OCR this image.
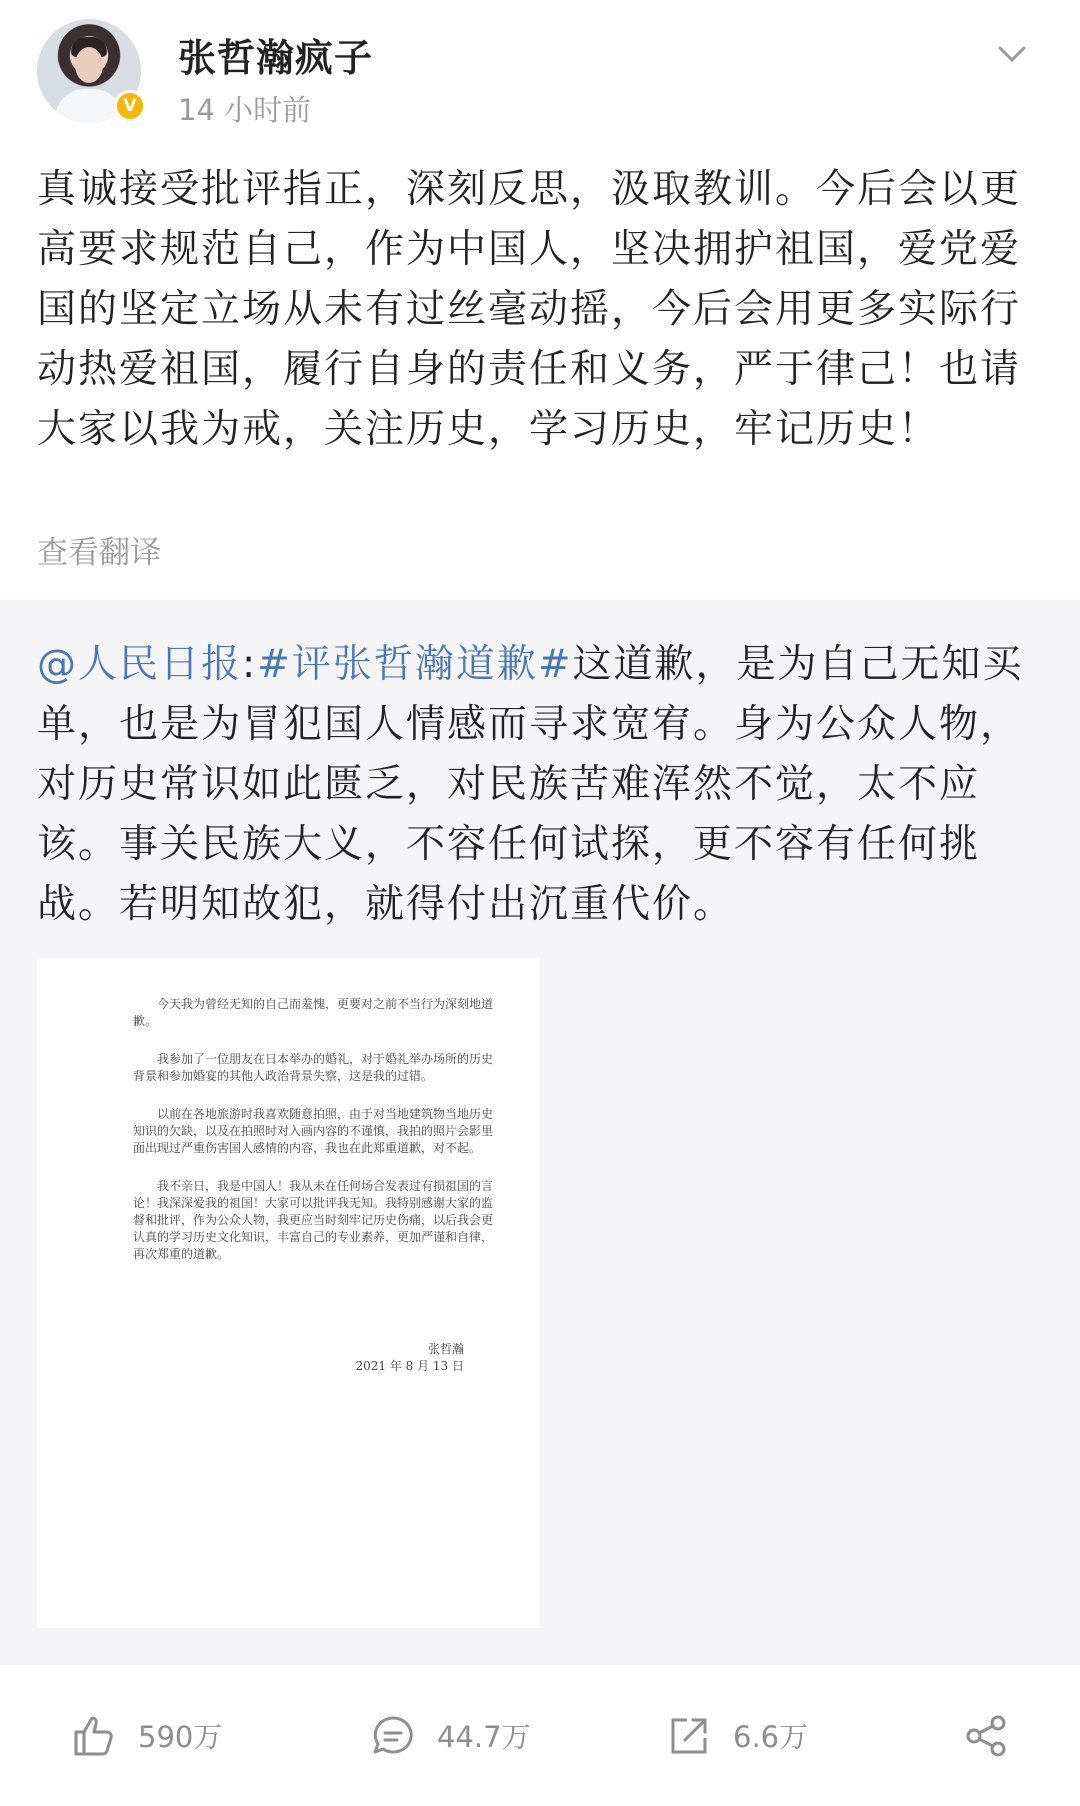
V
张哲瀚疯子
14 小时前
真诚接受批评指正，深刻反思，汲取教训。今后会以更高要求规范自己，作为中国人，坚决拥护祖国，爱党爱国的坚定立场从未有过丝毫动摇，今后会用更多实际行动热爱祖国，履行自身的责任和义务，严于律己！也请大家以我为戒，关注历史，学习历史，牢记历史！
查看翻译
@人民日报:#评张哲瀚道歉#这道歉，是为自己无知买单，也是为冒犯国人情感而寻求宽宥。身为公众人物，对历史常识如此匮乏，对民族苦难浑然不觉，太不应该。事关民族大义，不容任何试探，更不容有任何挑战。若明知故犯，就得付出沉重代价。

今天我为曾经无知的自己而羞愧，更要对之前不当行为深刻地道歉。

我参加了一位朋友在日本举办的婚礼，对于婚礼举办场所的历史背景和参加婚宴的其他人政治背景失察，这是我的过错。

以前在各地旅游时我喜欢随意拍照，由于对当地建筑物当地历史知识的欠缺，以及在拍照时对入画内容的不谨慎，我拍的照片会影里面出现过严重伤害国人感情的内容，我也在此郑重道歉，对不起。

我不亲日，我是中国人！我从未在任何场合发表过有损祖国的言论！我深深爱我的祖国！大家可以批评我无知。我特别感谢大家的监督和批评，作为公众人物，我更应当时刻牢记历史伤痛，以后我会更认真的学习历史文化知识，丰富自己的专业素养，更加严谨和自律，再次郑重的道歉。

张哲瀚
2021 年 8 月 13 日
590万	44.7万	6.6万
